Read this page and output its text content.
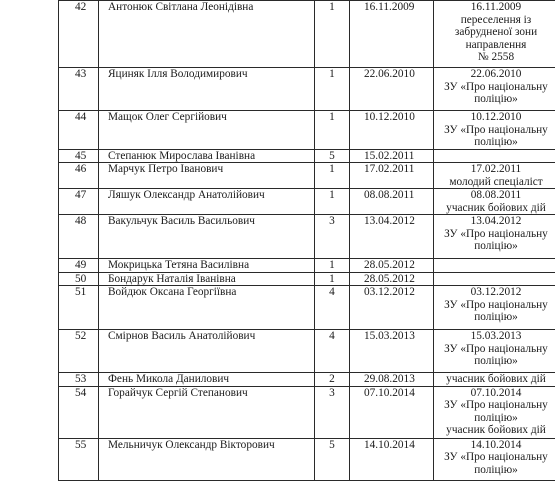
42	Антонюк Світлана Леонідівна	1	16.11.2009	16.11.2009
переселення із
забрудненої зони
направлення
№ 2558	

43	Яциняк Ілля Володимирович	1	22.06.2010	22.06.2010
ЗУ «Про національну
поліцію»	

44	Мащок Олег Сергійович	1	10.12.2010	10.12.2010
ЗУ «Про національну
поліцію»	

45	Степанюк Мирослава Іванівна	5	15.02.2011		
46	Марчук Петро Іванович	1	17.02.2011	17.02.2011
молодий спеціаліст	

47	Ляшук Олександр Анатолійович	1	08.08.2011	08.08.2011
учасник бойових дій	

48	Вакульчук Василь Васильович	3	13.04.2012	13.04.2012
ЗУ «Про національну
поліцію»	

49	Мокрицька Тетяна Василівна	1	28.05.2012		
50	Бондарук Наталія Іванівна	1	28.05.2012		
51	Войдюк Оксана Георгіївна	4	03.12.2012	03.12.2012
ЗУ «Про національну
поліцію»	

52	Смірнов Василь Анатолійович	4	15.03.2013	15.03.2013
ЗУ «Про національну
поліцію»	

53	Фень Микола Данилович	2	29.08.2013	учасник бойових дій	

54	Горайчук Сергій Степанович	3	07.10.2014	07.10.2014
ЗУ «Про національну
поліцію»
учасник бойових дій	

55	Мельничук Олександр Вікторович	5	14.10.2014	14.10.2014
ЗУ «Про національну
поліцію»	
